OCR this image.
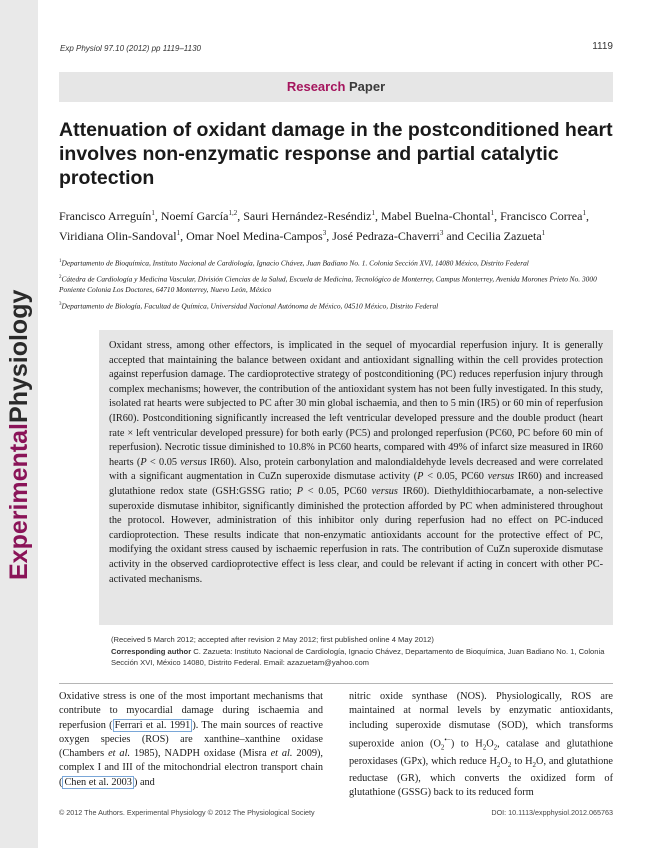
ExperimentalPhysiology
Exp Physiol 97.10 (2012) pp 1119–1130	1119
Research Paper
Attenuation of oxidant damage in the postconditioned heart involves non-enzymatic response and partial catalytic protection
Francisco Arreguín$^1$, Noemí García$^{1,2}$, Sauri Hernández-Reséndiz$^1$, Mabel Buelna-Chontal$^1$, Francisco Correa$^1$, Viridiana Olin-Sandoval$^1$, Omar Noel Medina-Campos$^3$, José Pedraza-Chaverri$^3$ and Cecilia Zazueta$^1$

$^1$Departamento de Bioquímica, Instituto Nacional de Cardiología, Ignacio Chávez, Juan Badiano No. 1. Colonia Sección XVI, 14080 México, Distrito Federal

$^2$Cátedra de Cardiología y Medicina Vascular, División Ciencias de la Salud, Escuela de Medicina, Tecnológico de Monterrey, Campus Monterrey, Avenida Morones Prieto No. 3000 Poniente Colonia Los Doctores, 64710 Monterrey, Nuevo León, México

$^3$Departamento de Biología, Facultad de Química, Universidad Nacional Autónoma de México, 04510 México, Distrito Federal

Oxidant stress, among other effectors, is implicated in the sequel of myocardial reperfusion injury. It is generally accepted that maintaining the balance between oxidant and antioxidant signalling within the cell provides protection against reperfusion damage. The cardioprotective strategy of postconditioning (PC) reduces reperfusion injury through complex mechanisms; however, the contribution of the antioxidant system has not been fully investigated. In this study, isolated rat hearts were subjected to PC after 30 min global ischaemia, and then to 5 min (IR5) or 60 min of reperfusion (IR60). Postconditioning significantly increased the left ventricular developed pressure and the double product (heart rate × left ventricular developed pressure) for both early (PC5) and prolonged reperfusion (PC60, PC before 60 min of reperfusion). Necrotic tissue diminished to 10.8% in PC60 hearts, compared with 49% of infarct size measured in IR60 hearts (P < 0.05 versus IR60). Also, protein carbonylation and malondialdehyde levels decreased and were correlated with a significant augmentation in CuZn superoxide dismutase activity (P < 0.05, PC60 versus IR60) and increased glutathione redox state (GSH:GSSG ratio; P < 0.05, PC60 versus IR60). Diethyldithiocarbamate, a non-selective superoxide dismutase inhibitor, significantly diminished the protection afforded by PC when administered throughout the protocol. However, administration of this inhibitor only during reperfusion had no effect on PC-induced cardioprotection. These results indicate that non-enzymatic antioxidants account for the protective effect of PC, modifying the oxidant stress caused by ischaemic reperfusion in rats. The contribution of CuZn superoxide dismutase activity in the observed cardioprotective effect is less clear, and could be relevant if acting in concert with other PC-activated mechanisms.

(Received 5 March 2012; accepted after revision 2 May 2012; first published online 4 May 2012)
Corresponding author C. Zazueta: Instituto Nacional de Cardiología, Ignacio Chávez, Departamento de Bioquímica, Juan Badiano No. 1, Colonia Sección XVI, México 14080, Distrito Federal. Email: azazuetam@yahoo.com
Oxidative stress is one of the most important mechanisms that contribute to myocardial damage during ischaemia and reperfusion ( Ferrari et al. 1991 ). The main sources of reactive oxygen species (ROS) are xanthine–xanthine oxidase (Chambers et al. 1985), NADPH oxidase (Misra et al. 2009), complex I and III of the mitochondrial electron transport chain ( Chen et al. 2003 ) and
nitric oxide synthase (NOS). Physiologically, ROS are maintained at normal levels by enzymatic antioxidants, including superoxide dismutase (SOD), which transforms superoxide anion $(O_2^{•-})$ to $H_2O_2$, catalase and glutathione peroxidases (GPx), which reduce $H_2O_2$ to $H_2O$, and glutathione reductase (GR), which converts the oxidized form of glutathione (GSSG) back to its reduced form
© 2012 The Authors. Experimental Physiology © 2012 The Physiological Society	DOI: 10.1113/expphysiol.2012.065763
